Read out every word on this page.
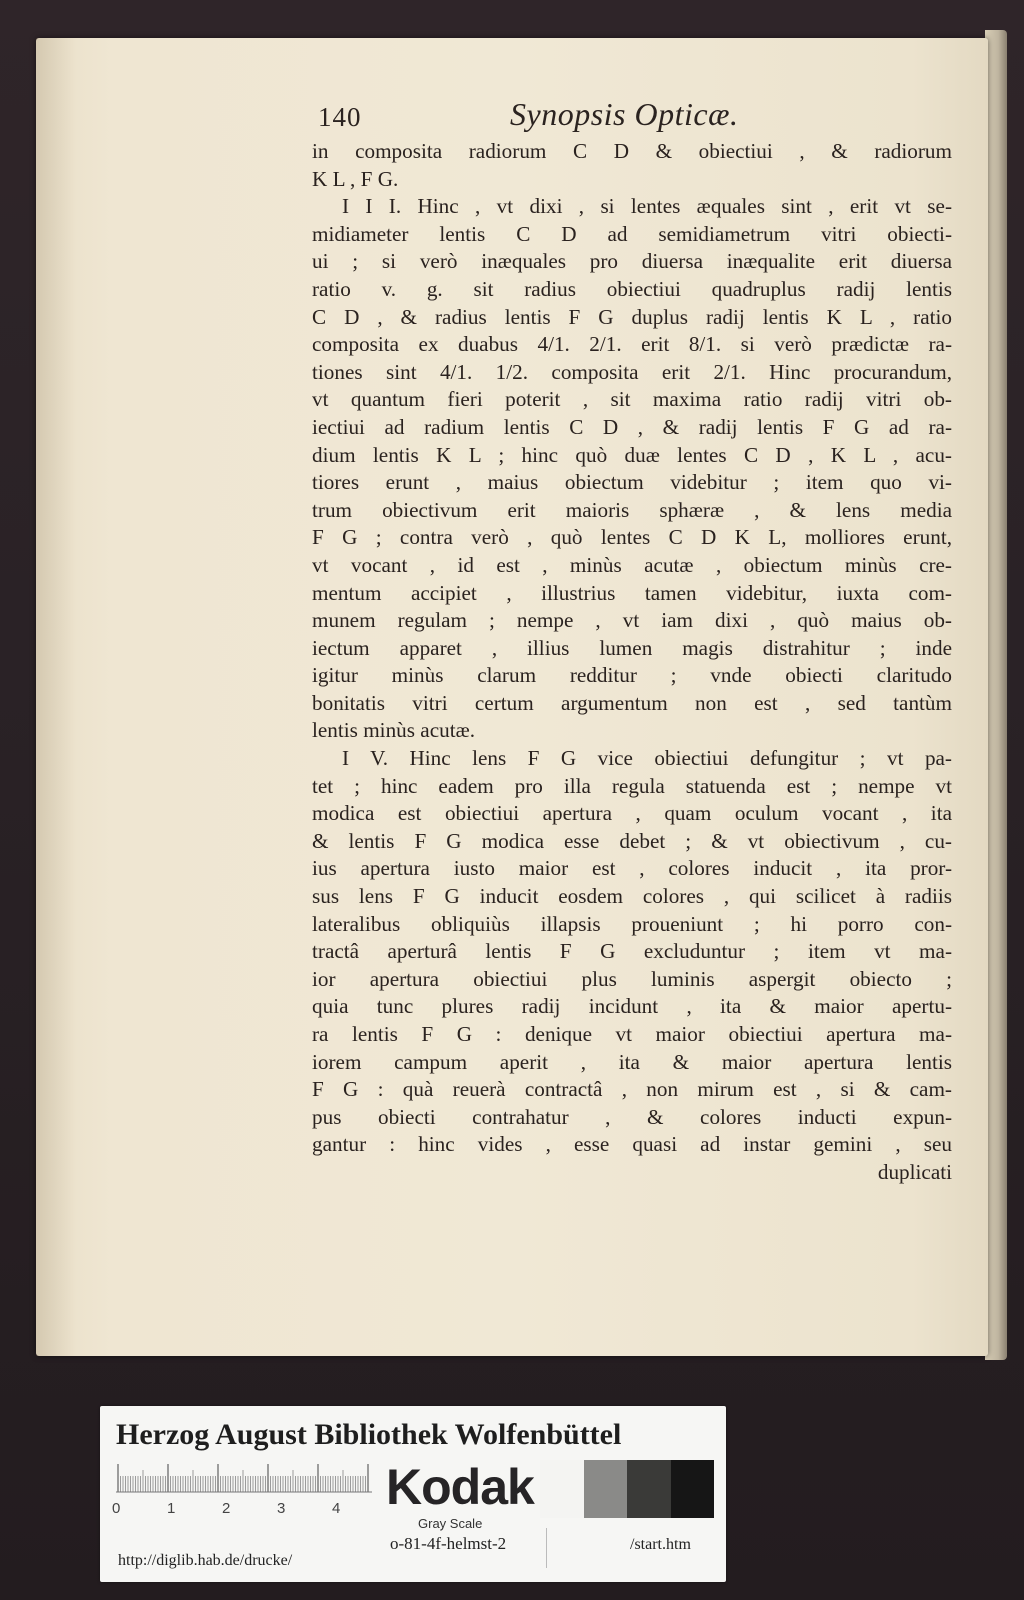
140	Synopsis Opticæ.
in composita radiorum C D & obiectiui , & radiorum
K L , F G.
I I I. Hinc , vt dixi , si lentes æquales sint , erit vt se-
midiameter lentis C D ad semidiametrum vitri obiecti-
ui ; si verò inæquales pro diuersa inæqualite erit diuersa
ratio v. g. sit radius obiectiui quadruplus radij lentis
C D , & radius lentis F G duplus radij lentis K L , ratio
composita ex duabus 4/1. 2/1. erit 8/1. si verò prædictæ ra-
tiones sint 4/1. 1/2. composita erit 2/1. Hinc procurandum,
vt quantum fieri poterit , sit maxima ratio radij vitri ob-
iectiui ad radium lentis C D , & radij lentis F G ad ra-
dium lentis K L ; hinc quò duæ lentes C D , K L , acu-
tiores erunt , maius obiectum videbitur ; item quo vi-
trum obiectivum erit maioris sphæræ , & lens media
F G ; contra verò , quò lentes C D K L, molliores erunt,
vt vocant , id est , minùs acutæ , obiectum minùs cre-
mentum accipiet , illustrius tamen videbitur, iuxta com-
munem regulam ; nempe , vt iam dixi , quò maius ob-
iectum apparet , illius lumen magis distrahitur ; inde
igitur minùs clarum redditur ; vnde obiecti claritudo
bonitatis vitri certum argumentum non est , sed tantùm
lentis minùs acutæ.
I V. Hinc lens F G vice obiectiui defungitur ; vt pa-
tet ; hinc eadem pro illa regula statuenda est ; nempe vt
modica est obiectiui apertura , quam oculum vocant , ita
& lentis F G modica esse debet ; & vt obiectivum , cu-
ius apertura iusto maior est , colores inducit , ita pror-
sus lens F G inducit eosdem colores , qui scilicet à radiis
lateralibus obliquiùs illapsis proueniunt ; hi porro con-
tractâ aperturâ lentis F G excluduntur ; item vt ma-
ior apertura obiectiui plus luminis aspergit obiecto ;
quia tunc plures radij incidunt , ita & maior apertu-
ra lentis F G : denique vt maior obiectiui apertura ma-
iorem campum aperit , ita & maior apertura lentis
F G : quà reuerà contractâ , non mirum est , si & cam-
pus obiecti contrahatur , & colores inducti expun-
gantur : hinc vides , esse quasi ad instar gemini , seu
duplicati
Herzog August Bibliothek Wolfenbüttel
0	1	2	3	4 Kodak
Gray Scale
http://diglib.hab.de/drucke/
o-81-4f-helmst-2	/start.htm
